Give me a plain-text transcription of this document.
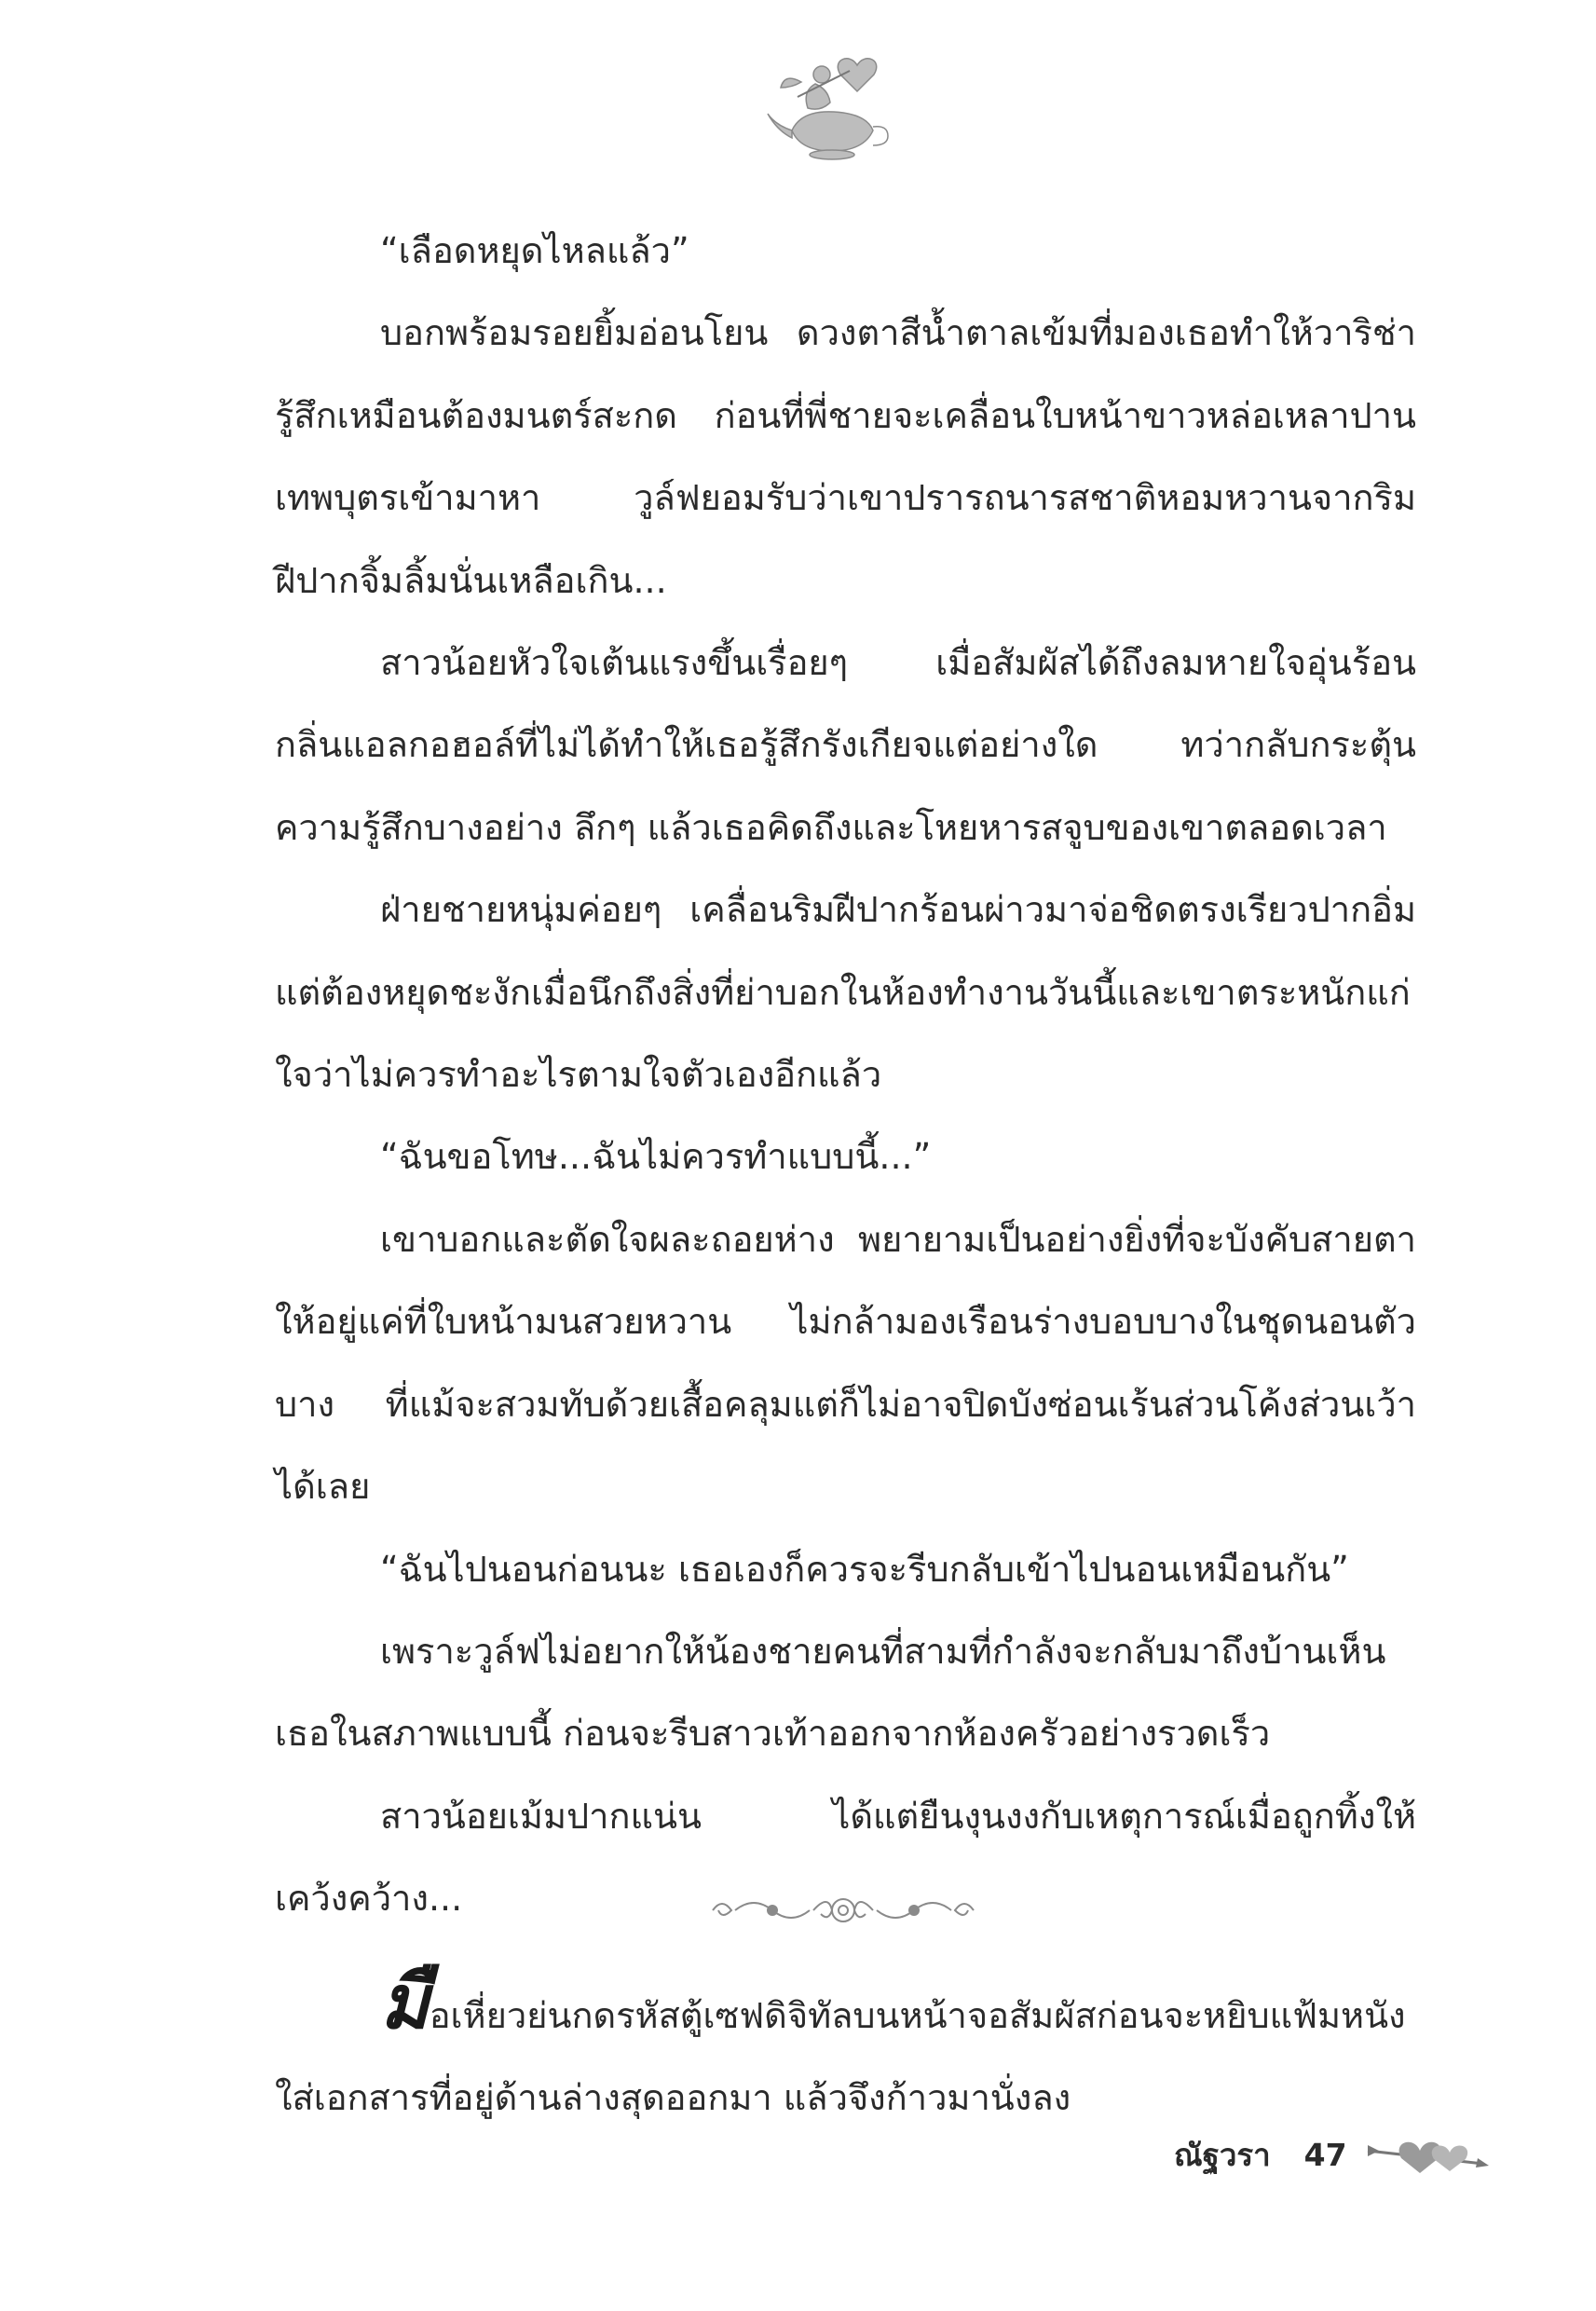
“เลือดหยุดไหลแล้ว”

บอกพร้อมรอยยิ้มอ่อนโยน ดวงตาสีน้ำตาลเข้มที่มองเธอทำให้วาริช่ารู้สึกเหมือนต้องมนตร์สะกด ก่อนที่พี่ชายจะเคลื่อนใบหน้าขาวหล่อเหลาปานเทพบุตรเข้ามาหา วูล์ฟยอมรับว่าเขาปรารถนารสชาติหอมหวานจากริมฝีปากจิ้มลิ้มนั่นเหลือเกิน...

สาวน้อยหัวใจเต้นแรงขึ้นเรื่อยๆ เมื่อสัมผัสได้ถึงลมหายใจอุ่นร้อน กลิ่นแอลกอฮอล์ที่ไม่ได้ทำให้เธอรู้สึกรังเกียจแต่อย่างใด ทว่ากลับกระตุ้นความรู้สึกบางอย่าง ลึกๆ แล้วเธอคิดถึงและโหยหารสจูบของเขาตลอดเวลา

ฝ่ายชายหนุ่มค่อยๆ เคลื่อนริมฝีปากร้อนผ่าวมาจ่อชิดตรงเรียวปากอิ่ม แต่ต้องหยุดชะงักเมื่อนึกถึงสิ่งที่ย่าบอกในห้องทำงานวันนี้และเขาตระหนักแก่ใจว่าไม่ควรทำอะไรตามใจตัวเองอีกแล้ว

“ฉันขอโทษ...ฉันไม่ควรทำแบบนี้...”

เขาบอกและตัดใจผละถอยห่าง พยายามเป็นอย่างยิ่งที่จะบังคับสายตาให้อยู่แค่ที่ใบหน้ามนสวยหวาน ไม่กล้ามองเรือนร่างบอบบางในชุดนอนตัวบาง ที่แม้จะสวมทับด้วยเสื้อคลุมแต่ก็ไม่อาจปิดบังซ่อนเร้นส่วนโค้งส่วนเว้าได้เลย

“ฉันไปนอนก่อนนะ เธอเองก็ควรจะรีบกลับเข้าไปนอนเหมือนกัน”

เพราะวูล์ฟไม่อยากให้น้องชายคนที่สามที่กำลังจะกลับมาถึงบ้านเห็นเธอในสภาพแบบนี้ ก่อนจะรีบสาวเท้าออกจากห้องครัวอย่างรวดเร็ว

สาวน้อยเม้มปากแน่น ได้แต่ยืนงุนงงกับเหตุการณ์เมื่อถูกทิ้งให้เคว้งคว้าง...

มือเหี่ยวย่นกดรหัสตู้เซฟดิจิทัลบนหน้าจอสัมผัสก่อนจะหยิบแฟ้มหนังใส่เอกสารที่อยู่ด้านล่างสุดออกมา แล้วจึงก้าวมานั่งลง

ณัฐวรา 47
